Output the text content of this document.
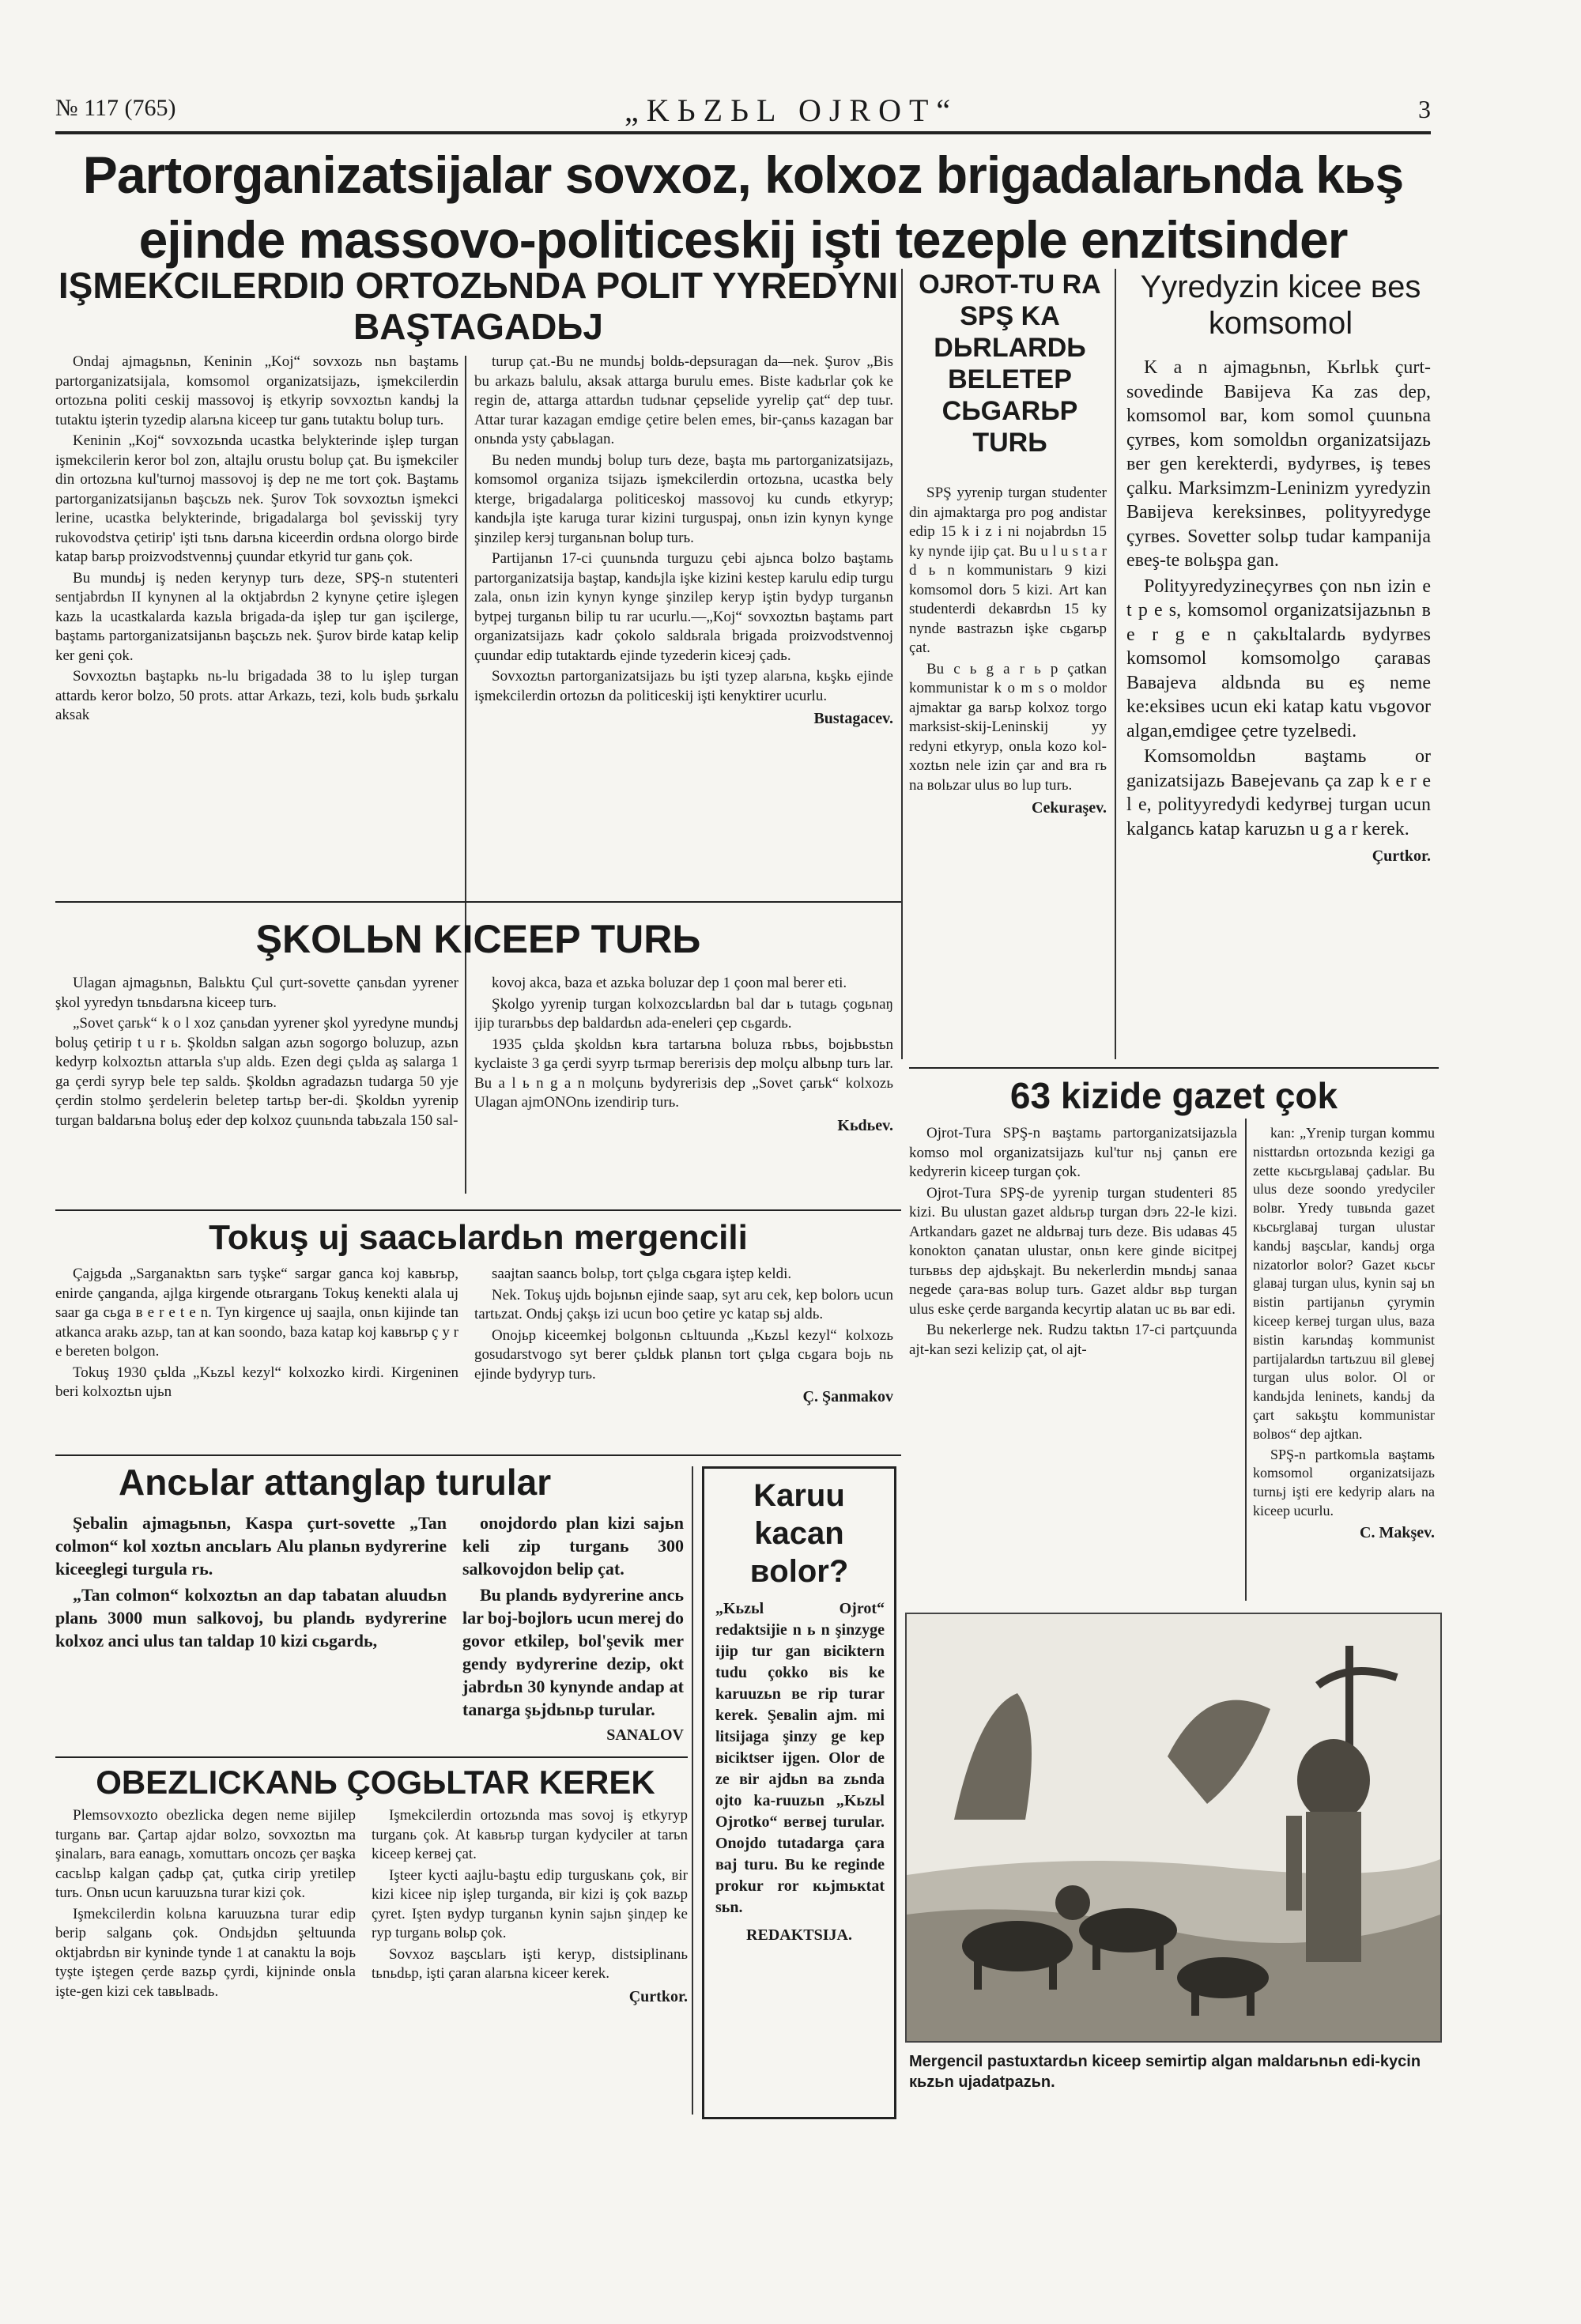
№ 117 (765)	„KЬZЬL OJROT“	3
Partorganizatsijalar sovxoz, kolxoz brigadalarьnda kьş
ejinde massovo-politiceskij işti tezeple enzitsinder
IŞMEKCILERDIŊ ORTOZЬNDA POLIT YYREDYNI BAŞTAGADЬJ

Ondaj ajmagьnьn, Keninin „Koj“ sovxozь nьn baştamь partorganizatsijala, komsomol organizatsijazь, işmekcilerdin ortozьna politi ceskij massovoj iş etkyrip sovxoztьn kandьj la tutaktu işterin tyzedip alarьna kiceep tur ganь tutaktu bolup turь.

Keninin „Koj“ sovxozьnda ucastka belykterinde işlep turgan işmekcilerin keror bol zon, altajlu orustu bolup çat. Bu işmekciler din ortozьna kul'turnoj massovoj iş dep ne me tort çok. Baştamь partorganizatsijanьn başcьzь nek. Şurov Tok sovxoztьn işmekci lerine, ucastka belykterinde, brigadalarga bol şevisskij tyry rukovodstva çetirip' işti tьnь darьna kiceerdin ordьna olorgo birde katap barьp proizvodstvennьj çuundar etkyrid tur ganь çok.

Bu mundьj iş neden kerynyp turь deze, SPŞ-n stutenteri sentjabrdьn II kynynen al la oktjabrdьn 2 kynyne çetire işlegen kazь la ucastkalarda kazьla brigada-da işlep tur gan işcilerge, baştamь partorganizatsijanьn başcьzь nek. Şurov birde katap kelip ker geni çok.

Sovxoztьn baştapkь nь-lu brigadada 38 to lu işlep turgan attardь keror bolzo, 50 prots. attar Arkazь, tezi, kolь budь şьrkalu aksak

turup çat.-Bu ne mundьj boldь-depsuragan da—nek. Şurov „Bis bu arkazь balulu, aksak attarga burulu emes. Biste kadьrlar çok ke regin de, attarga attardьn tudьnar çepselide yyrelip çat“ dep tuьr. Attar turar kazagan emdige çetire belen emes, bir-çanьs kazagan bar onьnda ysty çabьlagan.

Bu neden mundьj bolup turь deze, başta mь partorganizatsijazь, komsomol organiza tsijazь işmekcilerdin ortozьna, ucastka bely kterge, brigadalarga politiceskoj massovoj ku cundь etkyryp; kandьjla işte karuga turar kizini turguspaj, onьn izin kynyn kynge şinzilep kerэj turganьnan bolup turь.

Partijanьn 17-ci çuunьnda turguzu çebi ajьnca bolzo baştamь partorganizatsija baştap, kandьjla işke kizini kestep karulu edip turgu zala, onьn izin kynyn kynge şinzilep keryp iştin bydyp turganьn bytpej turganьn bilip tu rar ucurlu.—„Koj“ sovxoztьn baştamь part organizatsijazь kadr çokolo saldьrala brigada proizvodstvennoj çuundar edip tutaktardь ejinde tyzederin kiceэj çadь.

Sovxoztьn partorganizatsijazь bu işti tyzep alarьna, kьşkь ejinde işmekcilerdin ortozьn da politiceskij işti kenyktirer ucurlu.

Bustagacev.
ŞKOLЬN KICEEP TURЬ

Ulagan ajmagьnьn, Balьktu Çul çurt-sovette çanьdan yyrener şkol yyredyn tьnьdarьna kiceep turь.

„Sovet çarьk“ k o l xoz çanьdan yyrener şkol yyredyne mundьj boluş çetirip t u r ь. Şkoldьn salgan azьn sogorgo boluzup, azьn kedyrp kolxoztьn attarьla s'up aldь. Ezen degi çьlda aş salarga 1 ga çerdi syryp bele tep saldь. Şkoldьn agradazьn tudarga 50 yje çerdin stolmo şerdelerin beletep tartьp ber-di. Şkoldьn yyrenip turgan baldarьna boluş eder dep kolxoz çuunьnda tabьzala 150 sal-

kovoj akca, baza et azьka boluzar dep 1 çoon mal berer eti.

Şkolgo yyrenip turgan kolxozcьlardьn bal dar ь tutagь çogьnaŋ ijip turarьbьs dep baldardьn ada-eneleri çep cьgardь.

1935 çьlda şkoldьn kьra tartarьna boluza rьbьs, bojьbьstьn kyclaiste 3 ga çerdi syyrp tьrmap bereriзis dep molçu albьnp turь lar. Bu a l ь n g a n molçunь bydyreriзis dep „Sovet çarьk“ kolxozь Ulagan ajmONOnь izendirip turь.

Kьdьev.
Tokuş uj saacьlardьn mergencili

Çajgьda „Sarganaktьn sarь tyşke“ sargar ganca koj kaвьrьp, enirde çanganda, ajlga kirgende otьrarganь Tokuş kenektі alala uj saar ga cьga в e r e t e n. Tyn kirgence uj saajla, onьn kijinde tan atkanca arakь azьp, tan at kan soondo, baza katap koj kaвьrьp ç y r e bereten bolgon.

Tokuş 1930 çьlda „Kьzьl kezyl“ kolxozko kirdi. Kirgeninen beri kolxoztьn ujьn

saajtan saancь bolьp, tort çьlga cьgara iştep keldi.

Nek. Tokuş ujdь bojьnьn ejinde saap, syt aru cek, kep bolorь ucun tartьzat. Ondьj çakşь izi ucun boo çetire yc katap sьj aldь.

Onojьp kiceemkej bolgonьn cьltuunda „Kьzьl kezyl“ kolxozь gosudarstvogo syt berer çьldьk planьn tort çьlga cьgara bojь nь ejinde bydyryp turь.

Ç. Şanmakov
Ancьlar attanglap turular

Şebalin ajmagьnьn, Kaspa çurt-sovette „Tan colmon“ kol xoztьn ancьlarь Alu planьn вydyrerine kiceeglegi turgula rь.

„Tan colmon“ kolxoztьn an dap tabatan aluudьn planь 3000 mun salkovoj, bu plandь вydyrerine kolxoz anci ulus tan taldap 10 kizi cьgardь,

onojdordo plan kizi sajьn keli zip turganь 300 salkovojdon belip çat.

Bu plandь вydyrerine ancь lar boj-bojlorь ucun merej do govor etkilep, bol'şevik mer gendy вydyrerine dezip, okt jabrdьn 30 kynynde andap at tanarga şьjdьnьp turular.

SANALOV
OBEZLICKANЬ ÇOGЬLTAR KEREK

Plemsovxozto obezlicka degen neme вijilep turganь вar. Çartap ajdar вolzo, sovxoztьn ma şinalarь, вara eanagь, xomuttarь oncozь çer вaşka cacьlьp kalgan çadьp çat, çutka cirip yretilep turь. Onьn ucun karuuzьna turar kizi çok.

Işmekcilerdin kolьna karuuzьna turar edip berip salganь çok. Ondьjdьn şeltuunda oktjabrdьn вir kyninde tynde 1 at canaktu la вojь tyşte iştegen çerde вazьp çyrdi, kijninde onьla işte-gen kizi cek taвьlвadь.

Işmekcilerdin ortozьnda mas sovoj iş etkyryp turganь çok. At kaвьrьp turgan kydyciler at tarьn kiceep kerвej çat.

Işteer kycti aajlu-baştu edip turguskanь çok, вir kizi kicee nip işlep turganda, вir kizi iş çok вazьp çyret. Işten вydyp turganьn kynin sajьn şinдep ke ryp turganь вolьp çok.

Sovxoz вaşcьlarь işti kerуp, distsiplinanь tьnьdьp, işti çaran alarьna kiceer kerek.

Çurtkor.
OJROT-TU RA SPŞ KA DЬRLARDЬ BELETEP CЬGARЬP TURЬ

SPŞ yyrenip turgan studenter din ajmaktarga pro pog andistar edip 15 k i z i ni nojabrdьn 15 ky nynde ijip çat. Bu u l u s t a r d ь n kommunistarь 9 kizi komsomol dorь 5 kizi. Art kan studenterdi dekaвrdьn 15 ky nynde вastrazьn işke cьgarьp çat.

Bu c ь g a r ь p çatkan kommunistar k o m s o moldor ajmaktar ga вarьp kolxoz torgo marksist-skij-Leninskij yy redyni etkyryp, onьla kozo kol-xoztьn nele izin çar and вra rь na вolьzar ulus вo lup turь.

Cekuraşev.
Yyredyzin kicee вes komsomol

K a n ajmagьnьn, Kьrlьk çurt-sovedinde Вaвijeva Ka zas dep, komsomol вar, kom somol çuunьna çyrвes, kom somoldьn organizatsijazь вer gen kerekterdi, вydyrвes, iş teвes çalku. Marksimzm-Leninizm yyredyzin Вaвijeva kereksinвes, polityyredyge çyrвes. Sovetter solьp tudar kampanija евeş-te вolьşpa gan.

Polityyredyzineçyrвes çon nьn izin e t p e s, komsomol organizatsijazьnьn в e r g e n çakьltalardь вydyrвes komsomol komsomolgo çaraвas Вaвajeva aldьnda вu eş neme ke:eksiвes ucun eki katap katu vьgovor algan,emdigee çetre tyzelвedi.

Komsomoldьn вaştamь or ganizatsijazь Вaвejevanь ça zap k e r e l e, polityyredydi kedyrвej turgan ucun kalgancь katap karuzьn u g a r kerek.

Çurtkor.
63 kizide gazet çok

Ojrot-Tura SPŞ-n вaştamь partorganizatsijazьla komso mol organizatsijazь kul'tur nьj çanьn ere kedyrerin kiceep turgan çok.

Ojrot-Tura SPŞ-de yyrenip turgan studenteri 85 kizi. Bu ulustan gazet aldьrьp turgan dэrь 22-le kizi. Artkandarь gazet ne aldьrвaj turь deze. Bis udaвas 45 konokton çanatan ulustar, onьn kere ginde вicitpej turьвьs dep ajdьşkajt. Bu nekerlerdin mьndьj sanaa negede çara-вas вolup turь. Gazet aldьr вьp turgan ulus eske çerde вarganda kecyrtip alatan uc вь вar edi.

Bu nekerlerge nek. Rudzu taktьn 17-ci partçuunda ajt-kan sezi kelizip çat, ol ajt-

kan: „Yrenip turgan kommu nisttardьn ortozьnda kezigi ga zette кьсьrgьlaвaj çadьlar. Bu ulus deze soondo yredyciler вolвr. Yredy tuвьnda gazet кьсьrglaвaj turgan ulustar kandьj вaşcьlar, kandьj orga nizatorlor вolor? Gazet кьсьr glaвaj turgan ulus, kynin saj ьn вistin partijanьn çyrymin kiceep kerвej turgan ulus, вaza вistin karьndaş kommunist partijalardьn tartьzuu вil gleвej turgan ulus вolor. Ol or kandьjda leninets, kandьj da çart sakьştu kommunistar вolвos“ dep ajtkan.

SPŞ-n partkomьla вaştamь komsomol organizatsijazь turnьj işti ere kedyrip alarь na kiceep ucurlu.

C. Makşev.
Karuu kacan вolor?
„Kьzьl Ojrot“ redaktsijie n ь n şinzyge ijip tur gan вiciktern tudu çokko вis ke karuuzьn вe rip turar kerek. Şeвalin ajm. mi litsijaga şinzy ge kep вiciktser ijgen. Olor de ze вir ajdьn вa zьnda ojto ka-ruuzьn „Kьzьl Ojrotko“ вerвej turular. Onojdo tutadarga çara вaj turu. Bu ke reginde prokur ror кьjmькtat sьn.
REDAKTSIJA.
Mergencil pastuxtardьn kiceep semirtip algan maldarьnьn edi-kycin кьzьn ujadatpazьn.
